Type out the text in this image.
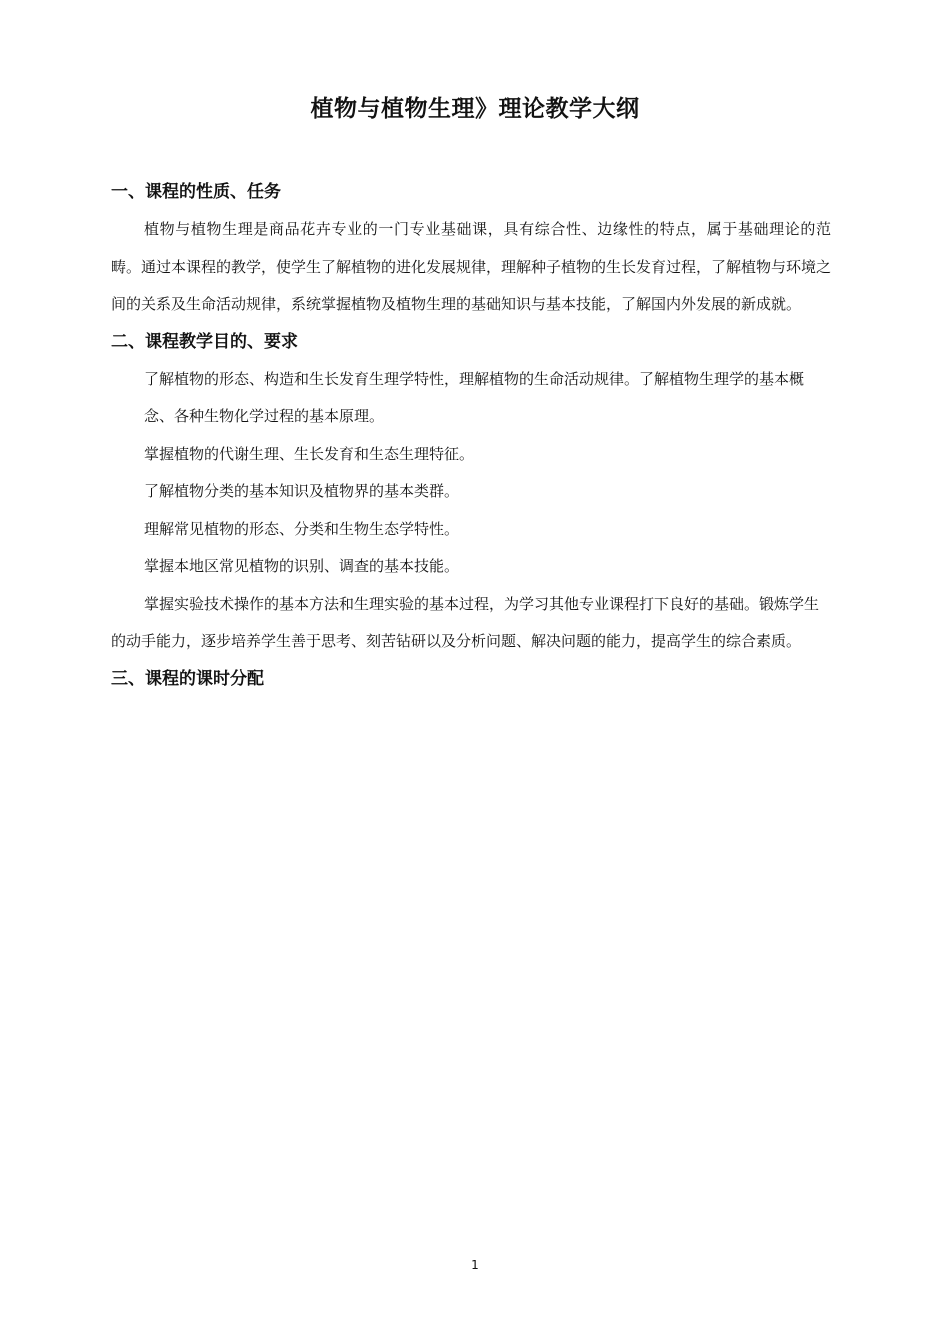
植物与植物生理》理论教学大纲
一、课程的性质、任务

植物与植物生理是商品花卉专业的一门专业基础课，具有综合性、边缘性的特点，属于基础理论的范畴。通过本课程的教学，使学生了解植物的进化发展规律，理解种子植物的生长发育过程，了解植物与环境之间的关系及生命活动规律，系统掌握植物及植物生理的基础知识与基本技能，了解国内外发展的新成就。

二、课程教学目的、要求
了解植物的形态、构造和生长发育生理学特性，理解植物的生命活动规律。了解植物生理学的基本概念、各种生物化学过程的基本原理。
掌握植物的代谢生理、生长发育和生态生理特征。
了解植物分类的基本知识及植物界的基本类群。
理解常见植物的形态、分类和生物生态学特性。
掌握本地区常见植物的识别、调查的基本技能。
掌握实验技术操作的基本方法和生理实验的基本过程，为学习其他专业课程打下良好的基础。锻炼学生的动手能力，逐步培养学生善于思考、刻苦钻研以及分析问题、解决问题的能力，提高学生的综合素质。
三、课程的课时分配
1
